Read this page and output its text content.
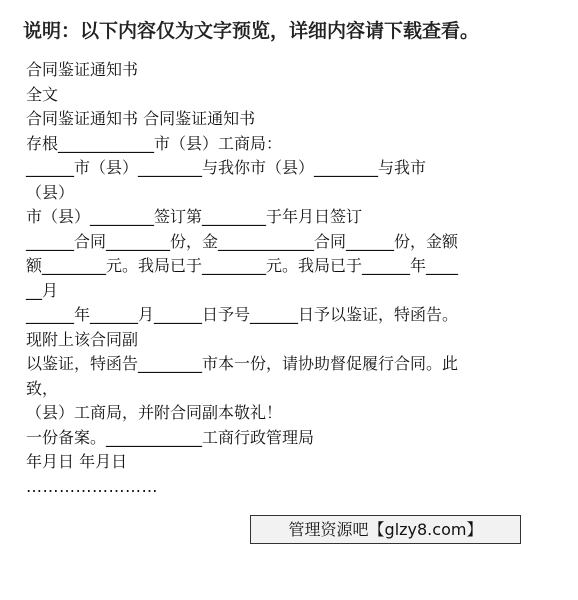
说明：以下内容仅为文字预览，详细内容请下载查看。
合同鉴证通知书
全文
合同鉴证通知书 合同鉴证通知书
存根____________市（县）工商局：
______市（县）________与我你市（县）________与我市
（县）
市（县）________签订第________于年月日签订
______合同________份，金____________合同______份，金额
额________元。我局已于________元。我局已于______年____
__月
______年______月______日予号______日予以鉴证，特函告。
现附上该合同副
以鉴证，特函告________市本一份，请协助督促履行合同。此
致，
（县）工商局，并附合同副本敬礼！
一份备案。____________工商行政管理局
年月日 年月日
……………………
管理资源吧【glzy8.com】
